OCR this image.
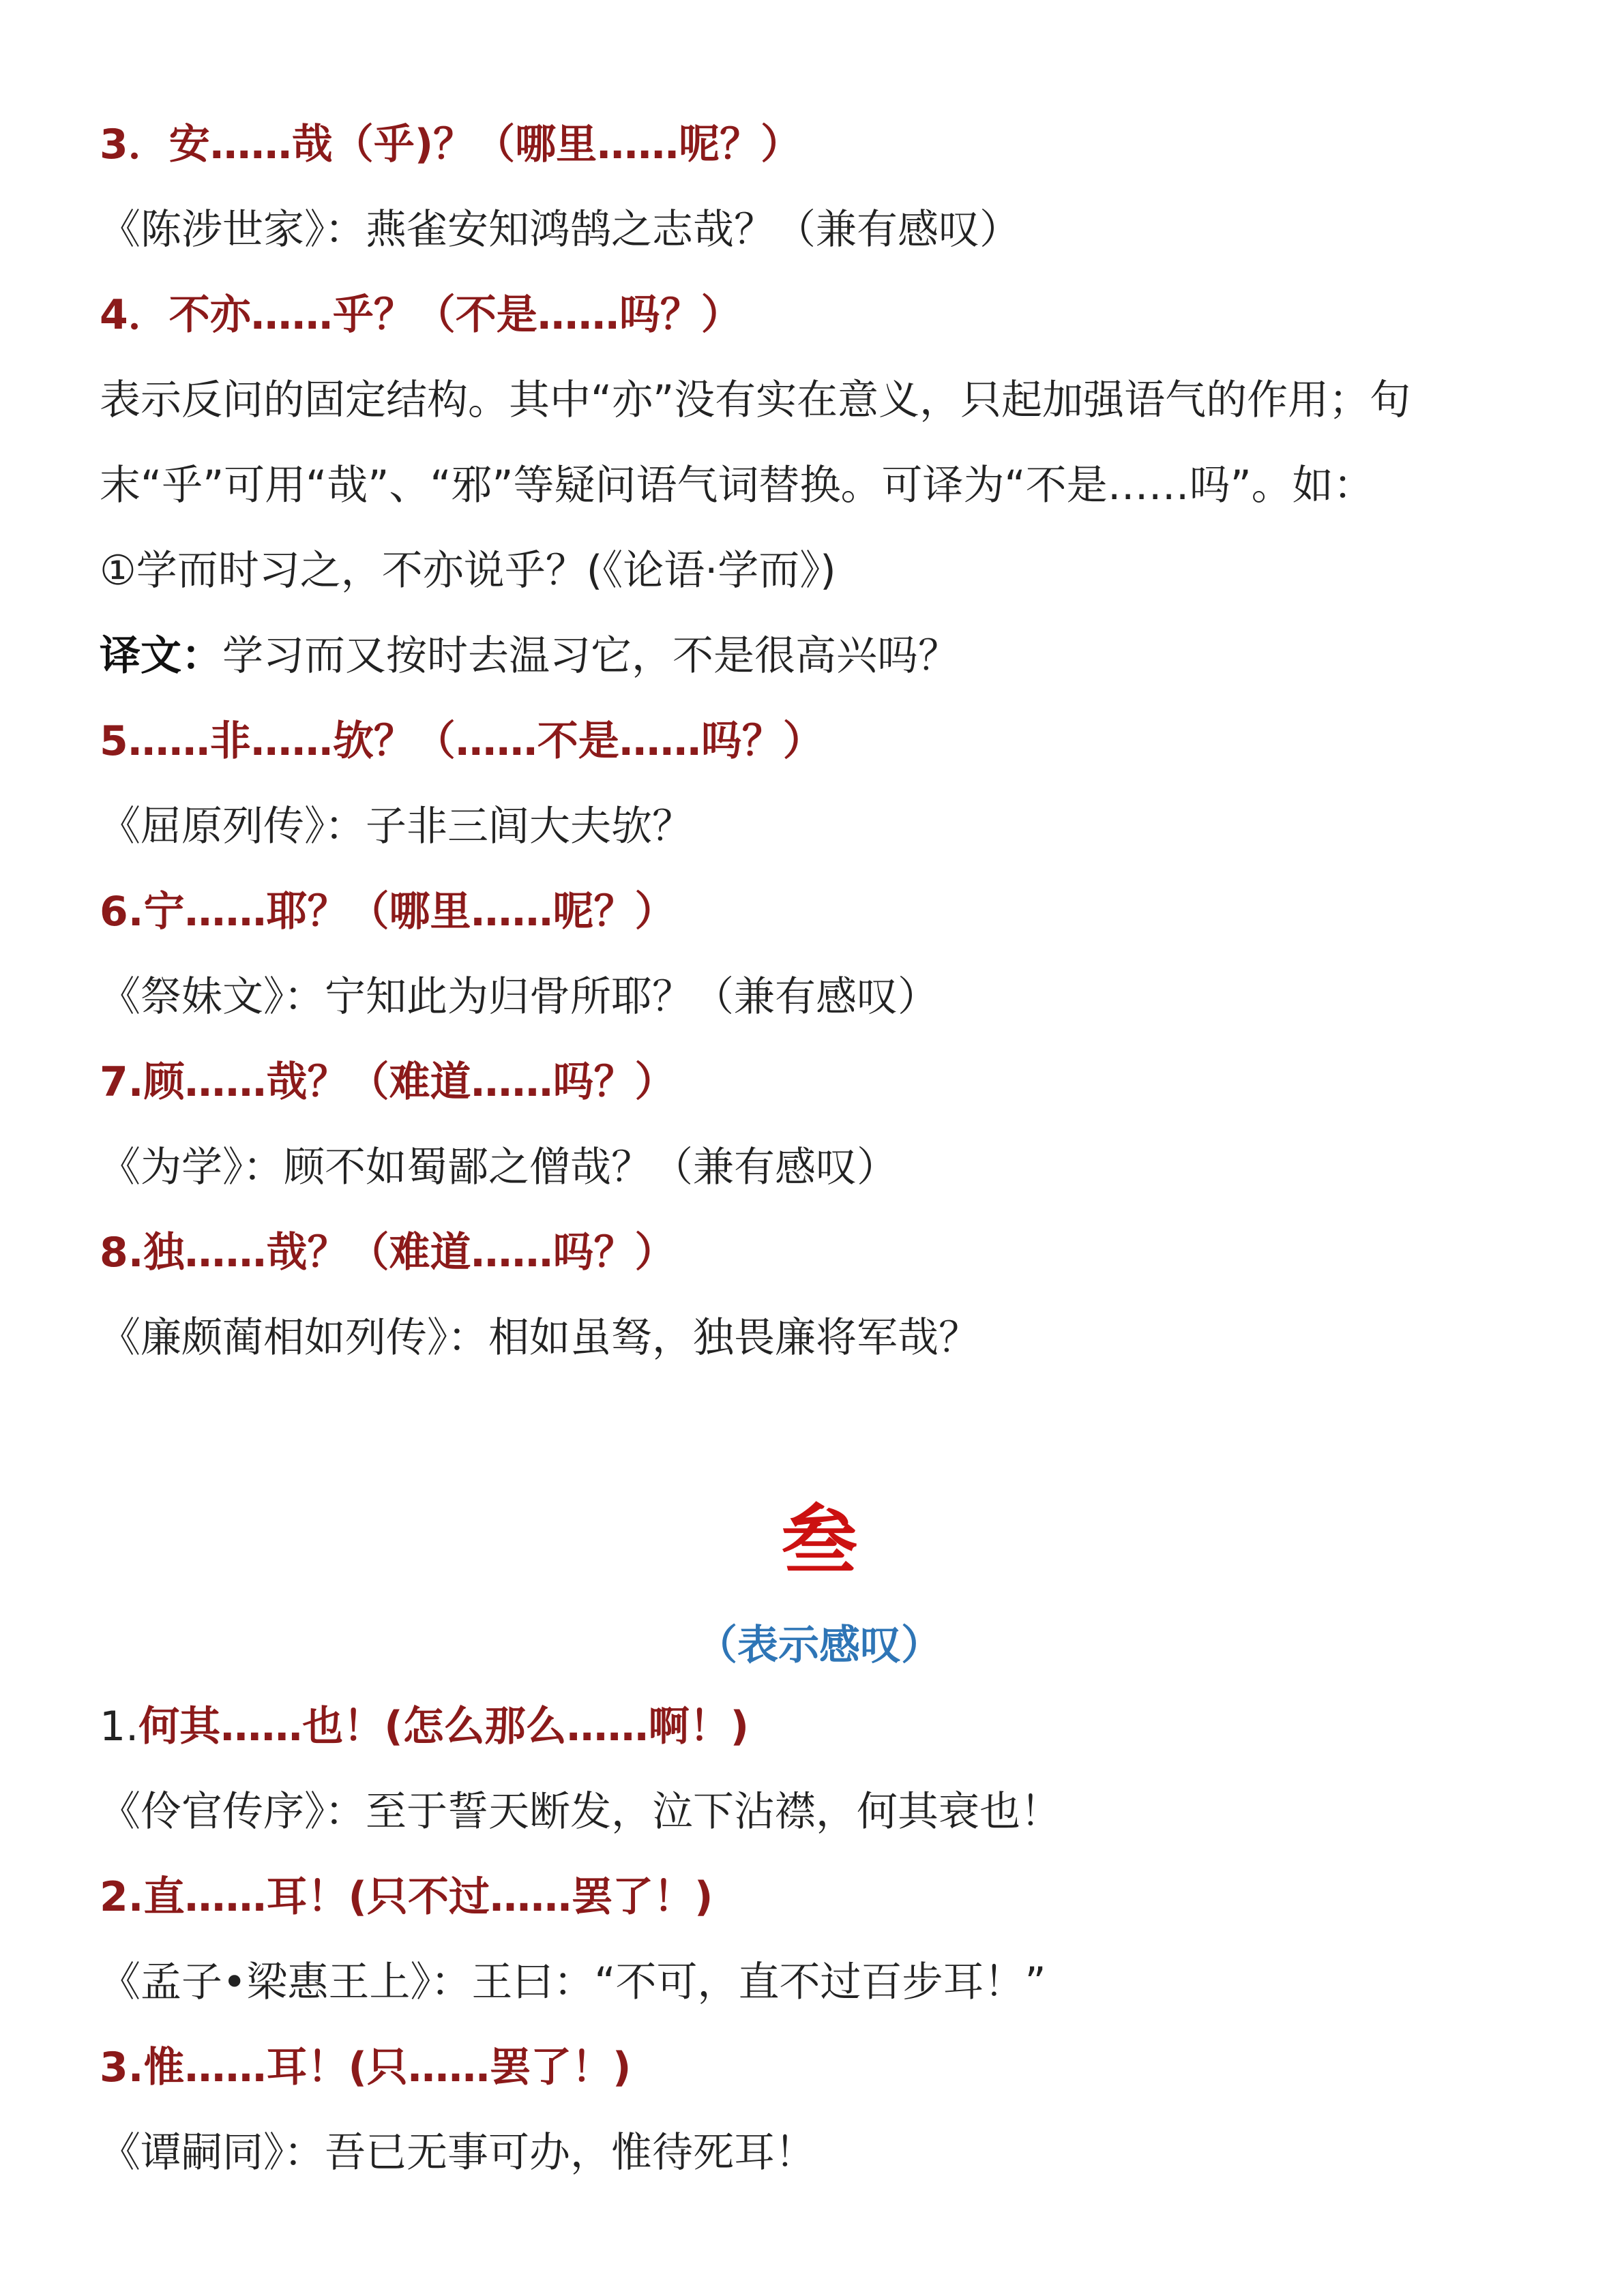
3．安……哉（乎)？（哪里……呢？）
《陈涉世家》：燕雀安知鸿鹄之志哉？（兼有感叹）
4．不亦……乎？（不是……吗？）
表示反问的固定结构。其中“亦”没有实在意义，只起加强语气的作用；句末“乎”可用“哉”、“邪”等疑问语气词替换。可译为“不是……吗”。如：
①学而时习之，不亦说乎？(《论语·学而》)
译文：学习而又按时去温习它，不是很高兴吗？
5……非……欤？（……不是……吗？）
《屈原列传》：子非三闾大夫欤？
6.宁……耶？（哪里……呢？）
《祭妹文》：宁知此为归骨所耶？（兼有感叹）
7.顾……哉？（难道……吗？）
《为学》：顾不如蜀鄙之僧哉？（兼有感叹）
8.独……哉？（难道……吗？）
《廉颇蔺相如列传》：相如虽驽，独畏廉将军哉？
叁
（表示感叹）
1.何其……也！(怎么那么……啊！)
《伶官传序》：至于誓天断发，泣下沾襟，何其衰也！
2.直……耳！(只不过……罢了！)
《孟子•梁惠王上》：王曰：“不可，直不过百步耳！”
3.惟……耳！(只……罢了！)
《谭嗣同》：吾已无事可办，惟待死耳！
